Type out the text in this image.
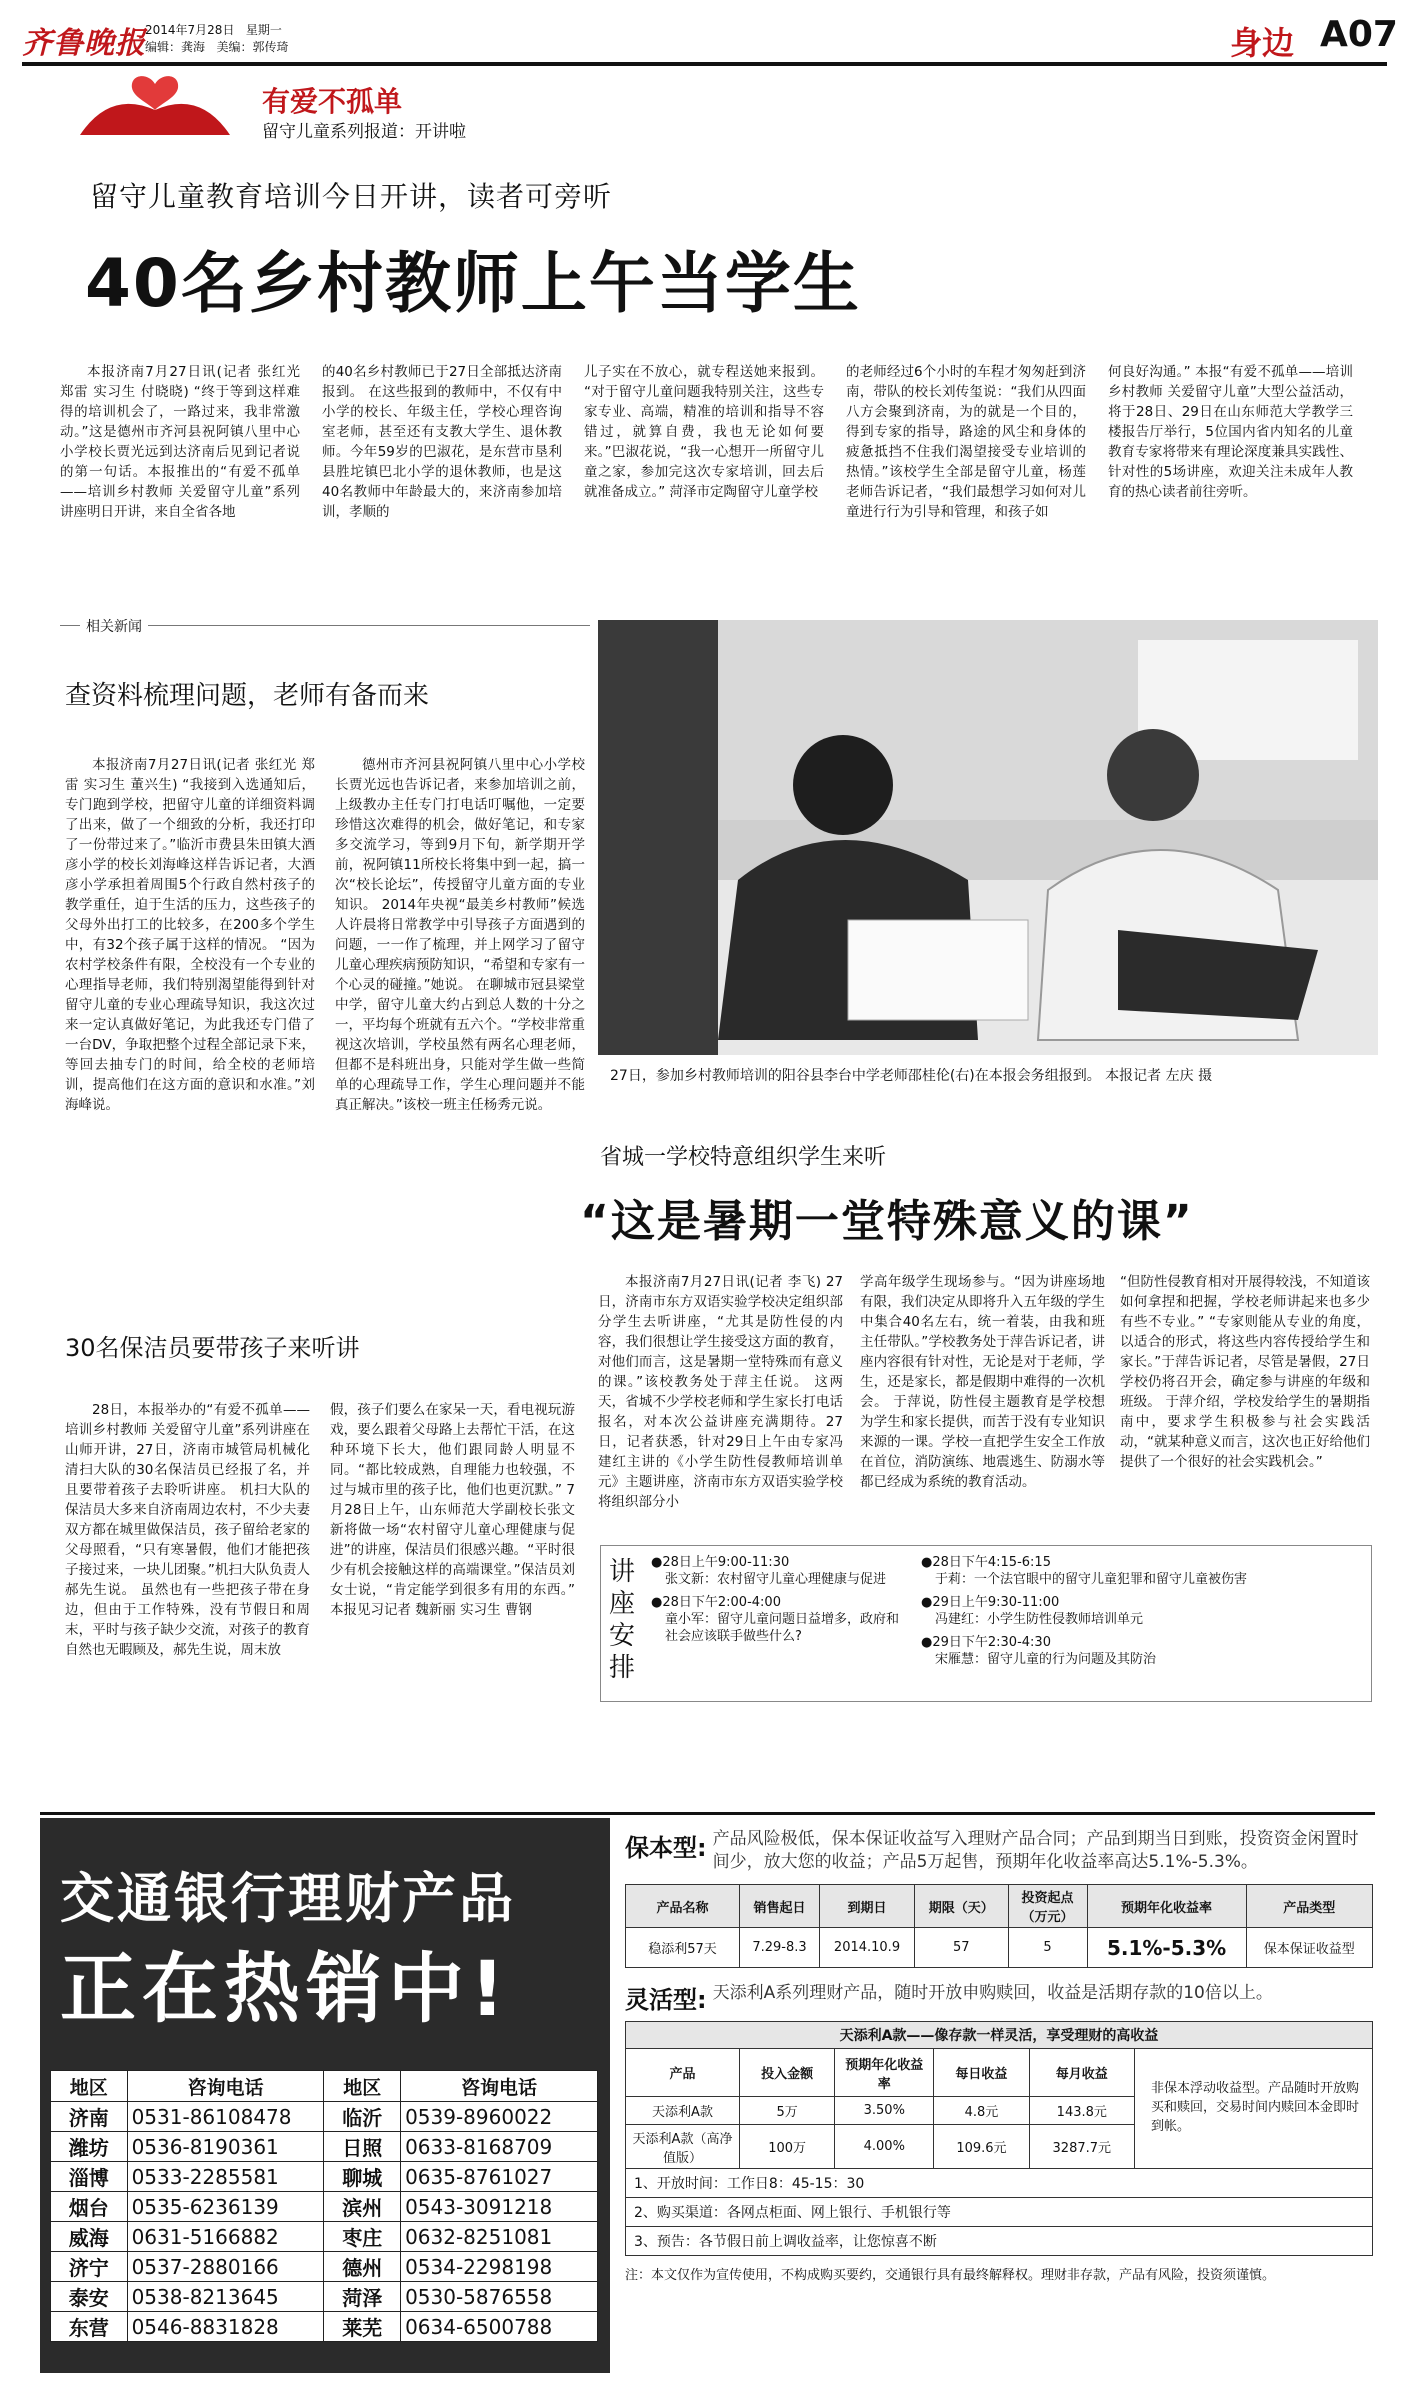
齐鲁晚报 2014年7月28日 星期一
编辑：龚海 美编：郭传琦	身边 A07
有爱不孤单
留守儿童系列报道：开讲啦
留守儿童教育培训今日开讲，读者可旁听
40名乡村教师上午当学生

本报济南7月27日讯(记者 张红光 郑雷 实习生 付晓晓) “终于等到这样难得的培训机会了，一路过来，我非常激动。”这是德州市齐河县祝阿镇八里中心小学校长贾光远到达济南后见到记者说的第一句话。本报推出的“有爱不孤单——培训乡村教师 关爱留守儿童”系列讲座明日开讲，来自全省各地

的40名乡村教师已于27日全部抵达济南报到。 在这些报到的教师中，不仅有中小学的校长、年级主任，学校心理咨询室老师，甚至还有支教大学生、退休教师。今年59岁的巴淑花，是东营市垦利县胜坨镇巴北小学的退休教师，也是这40名教师中年龄最大的，来济南参加培训，孝顺的

儿子实在不放心，就专程送她来报到。 “对于留守儿童问题我特别关注，这些专家专业、高端，精准的培训和指导不容错过，就算自费，我也无论如何要来。”巴淑花说，“我一心想开一所留守儿童之家，参加完这次专家培训，回去后就准备成立。” 菏泽市定陶留守儿童学校

的老师经过6个小时的车程才匆匆赶到济南，带队的校长刘传玺说：“我们从四面八方会聚到济南，为的就是一个目的，得到专家的指导，路途的风尘和身体的疲惫抵挡不住我们渴望接受专业培训的热情。”该校学生全部是留守儿童，杨莲老师告诉记者，“我们最想学习如何对儿童进行行为引导和管理，和孩子如

何良好沟通。” 本报“有爱不孤单——培训乡村教师 关爱留守儿童”大型公益活动，将于28日、29日在山东师范大学教学三楼报告厅举行，5位国内省内知名的儿童教育专家将带来有理论深度兼具实践性、针对性的5场讲座，欢迎关注未成年人教育的热心读者前往旁听。

相关新闻
查资料梳理问题，老师有备而来

本报济南7月27日讯(记者 张红光 郑雷 实习生 董兴生) “我接到入选通知后，专门跑到学校，把留守儿童的详细资料调了出来，做了一个细致的分析，我还打印了一份带过来了。”临沂市费县朱田镇大酒彦小学的校长刘海峰这样告诉记者，大酒彦小学承担着周围5个行政自然村孩子的教学重任，迫于生活的压力，这些孩子的父母外出打工的比较多，在200多个学生中，有32个孩子属于这样的情况。 “因为农村学校条件有限，全校没有一个专业的心理指导老师，我们特别渴望能得到针对留守儿童的专业心理疏导知识，我这次过来一定认真做好笔记，为此我还专门借了一台DV，争取把整个过程全部记录下来，等回去抽专门的时间，给全校的老师培训，提高他们在这方面的意识和水准。”刘海峰说。

德州市齐河县祝阿镇八里中心小学校长贾光远也告诉记者，来参加培训之前，上级教办主任专门打电话叮嘱他，一定要珍惜这次难得的机会，做好笔记，和专家多交流学习，等到9月下旬，新学期开学前，祝阿镇11所校长将集中到一起，搞一次“校长论坛”，传授留守儿童方面的专业知识。 2014年央视“最美乡村教师”候选人许晨将日常教学中引导孩子方面遇到的问题，一一作了梳理，并上网学习了留守儿童心理疾病预防知识，“希望和专家有一个心灵的碰撞。”她说。 在聊城市冠县梁堂中学，留守儿童大约占到总人数的十分之一，平均每个班就有五六个。“学校非常重视这次培训，学校虽然有两名心理老师，但都不是科班出身，只能对学生做一些简单的心理疏导工作，学生心理问题并不能真正解决。”该校一班主任杨秀元说。

30名保洁员要带孩子来听讲

28日，本报举办的“有爱不孤单——培训乡村教师 关爱留守儿童”系列讲座在山师开讲，27日，济南市城管局机械化清扫大队的30名保洁员已经报了名，并且要带着孩子去聆听讲座。 机扫大队的保洁员大多来自济南周边农村，不少夫妻双方都在城里做保洁员，孩子留给老家的父母照看，“只有寒暑假，他们才能把孩子接过来，一块儿团聚。”机扫大队负责人郝先生说。 虽然也有一些把孩子带在身边，但由于工作特殊，没有节假日和周末，平时与孩子缺少交流，对孩子的教育自然也无暇顾及，郝先生说，周末放

假，孩子们要么在家呆一天，看电视玩游戏，要么跟着父母路上去帮忙干活，在这种环境下长大，他们跟同龄人明显不同。“都比较成熟，自理能力也较强，不过与城市里的孩子比，他们也更沉默。” 7月28日上午，山东师范大学副校长张文新将做一场“农村留守儿童心理健康与促进”的讲座，保洁员们很感兴趣。“平时很少有机会接触这样的高端课堂。”保洁员刘女士说，“肯定能学到很多有用的东西。” 本报见习记者 魏新丽 实习生 曹钢

27日，参加乡村教师培训的阳谷县李台中学老师邵桂伦(右)在本报会务组报到。 本报记者 左庆 摄
省城一学校特意组织学生来听
“这是暑期一堂特殊意义的课”

本报济南7月27日讯(记者 李飞) 27日，济南市东方双语实验学校决定组织部分学生去听讲座，“尤其是防性侵的内容，我们很想让学生接受这方面的教育，对他们而言，这是暑期一堂特殊而有意义的课。”该校教务处于萍主任说。 这两天，省城不少学校老师和学生家长打电话报名，对本次公益讲座充满期待。27日，记者获悉，针对29日上午由专家冯建红主讲的《小学生防性侵教师培训单元》主题讲座，济南市东方双语实验学校将组织部分小

学高年级学生现场参与。“因为讲座场地有限，我们决定从即将升入五年级的学生中集合40名左右，统一着装，由我和班主任带队。”学校教务处于萍告诉记者，讲座内容很有针对性，无论是对于老师，学生，还是家长，都是假期中难得的一次机会。 于萍说，防性侵主题教育是学校想为学生和家长提供，而苦于没有专业知识来源的一课。学校一直把学生安全工作放在首位，消防演练、地震逃生、防溺水等都已经成为系统的教育活动。

“但防性侵教育相对开展得较浅，不知道该如何拿捏和把握，学校老师讲起来也多少有些不专业。” “专家则能从专业的角度，以适合的形式，将这些内容传授给学生和家长。”于萍告诉记者，尽管是暑假，27日学校仍将召开会，确定参与讲座的年级和班级。 于萍介绍，学校发给学生的暑期指南中，要求学生积极参与社会实践活动，“就某种意义而言，这次也正好给他们提供了一个很好的社会实践机会。”

讲座安排
●28日上午9:00-11:30
张文新：农村留守儿童心理健康与促进
●28日下午2:00-4:00
童小军：留守儿童问题日益增多，政府和社会应该联手做些什么?
●28日下午4:15-6:15
于莉：一个法官眼中的留守儿童犯罪和留守儿童被伤害
●29日上午9:30-11:00
冯建红：小学生防性侵教师培训单元
●29日下午2:30-4:30
宋雁慧：留守儿童的行为问题及其防治
交通银行理财产品
正在热销中!
地区	咨询电话	地区	咨询电话
济南	0531-86108478	临沂	0539-8960022
潍坊	0536-8190361	日照	0633-8168709
淄博	0533-2285581	聊城	0635-8761027
烟台	0535-6236139	滨州	0543-3091218
威海	0631-5166882	枣庄	0632-8251081
济宁	0537-2880166	德州	0534-2298198
泰安	0538-8213645	菏泽	0530-5876558
东营	0546-8831828	莱芜	0634-6500788
保本型: 产品风险极低，保本保证收益写入理财产品合同；产品到期当日到账，投资资金闲置时间少，放大您的收益；产品5万起售，预期年化收益率高达5.1%-5.3%。
产品名称	销售起日	到期日	期限（天）	投资起点（万元）	预期年化收益率	产品类型
稳添利57天	7.29-8.3	2014.10.9	57	5	5.1%-5.3%	保本保证收益型
灵活型: 天添利A系列理财产品，随时开放申购赎回，收益是活期存款的10倍以上。
天添利A款——像存款一样灵活，享受理财的高收益
产品	投入金额	预期年化收益率	每日收益	每月收益
天添利A款	5万	3.50%	4.8元	143.8元
天添利A款（高净值版）	100万	4.00%	109.6元	3287.7元
非保本浮动收益型。产品随时开放购买和赎回，交易时间内赎回本金即时到帐。
1、开放时间：工作日8：45-15：30
2、购买渠道：各网点柜面、网上银行、手机银行等
3、预告：各节假日前上调收益率，让您惊喜不断
注：本文仅作为宣传使用，不构成购买要约，交通银行具有最终解释权。理财非存款，产品有风险，投资须谨慎。
